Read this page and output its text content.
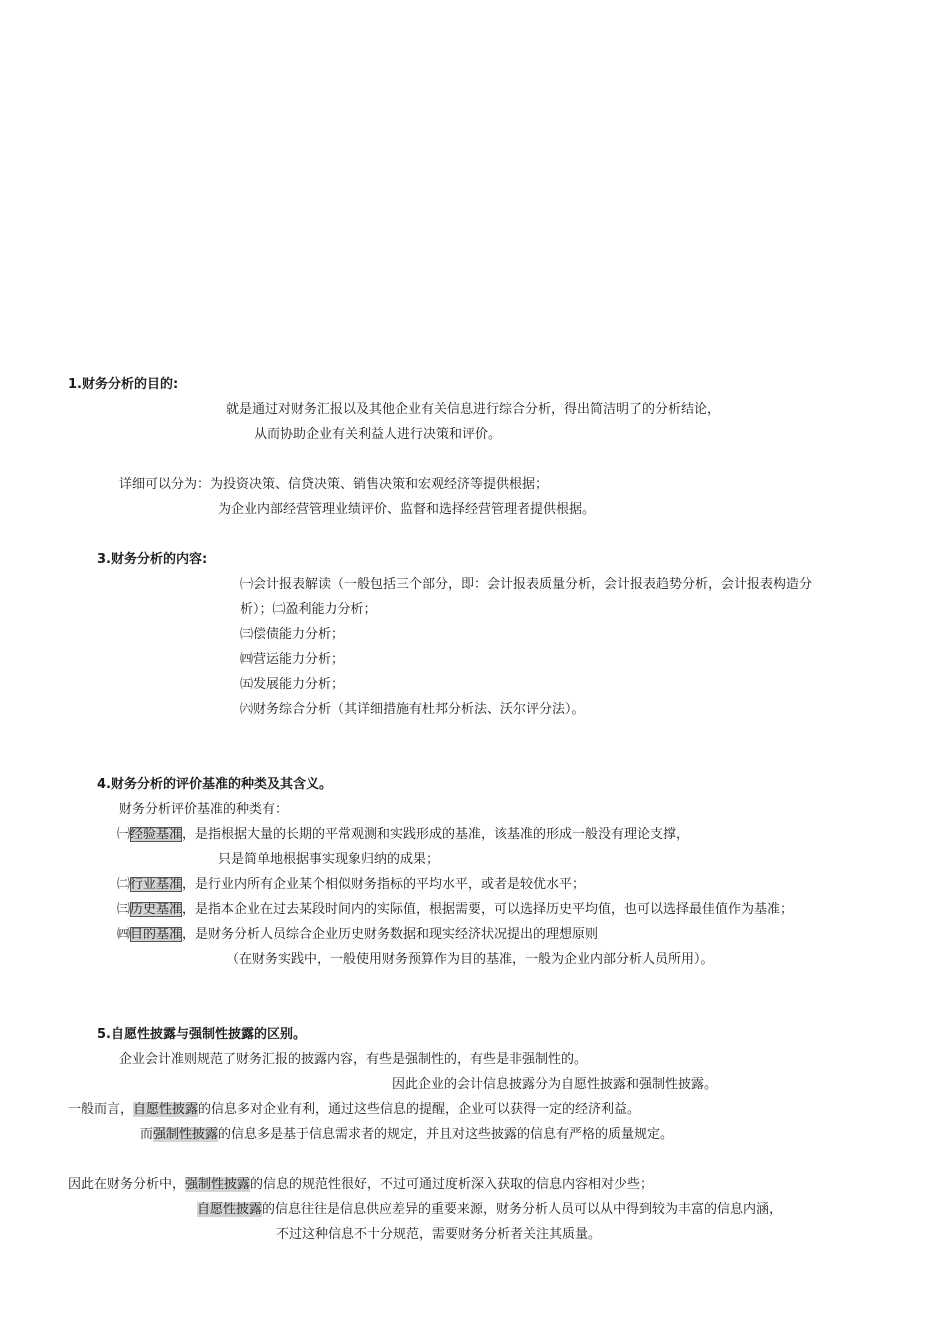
1.财务分析的目的:
就是通过对财务汇报以及其他企业有关信息进行综合分析，得出简洁明了的分析结论，
从而协助企业有关利益人进行决策和评价。
详细可以分为：为投资决策、信贷决策、销售决策和宏观经济等提供根据；
为企业内部经营管理业绩评价、监督和选择经营管理者提供根据。
3.财务分析的内容:
㈠会计报表解读（一般包括三个部分，即：会计报表质量分析，会计报表趋势分析，会计报表构造分
析）；㈡盈利能力分析；
㈢偿债能力分析；
㈣营运能力分析；
㈤发展能力分析；
㈥财务综合分析（其详细措施有杜邦分析法、沃尔评分法）。
4.财务分析的评价基准的种类及其含义。
财务分析评价基准的种类有：
㈠经验基准，是指根据大量的长期的平常观测和实践形成的基准，该基准的形成一般没有理论支撑，
只是简单地根据事实现象归纳的成果；
㈡行业基准，是行业内所有企业某个相似财务指标的平均水平，或者是较优水平；
㈢历史基准，是指本企业在过去某段时间内的实际值，根据需要，可以选择历史平均值，也可以选择最佳值作为基准；
㈣目的基准，是财务分析人员综合企业历史财务数据和现实经济状况提出的理想原则
（在财务实践中，一般使用财务预算作为目的基准，一般为企业内部分析人员所用）。
5.自愿性披露与强制性披露的区别。
企业会计准则规范了财务汇报的披露内容，有些是强制性的，有些是非强制性的。
因此企业的会计信息披露分为自愿性披露和强制性披露。
一般而言，自愿性披露的信息多对企业有利，通过这些信息的提醒，企业可以获得一定的经济利益。
而强制性披露的信息多是基于信息需求者的规定，并且对这些披露的信息有严格的质量规定。
因此在财务分析中，强制性披露的信息的规范性很好，不过可通过度析深入获取的信息内容相对少些；
自愿性披露的信息往往是信息供应差异的重要来源，财务分析人员可以从中得到较为丰富的信息内涵，
不过这种信息不十分规范，需要财务分析者关注其质量。
